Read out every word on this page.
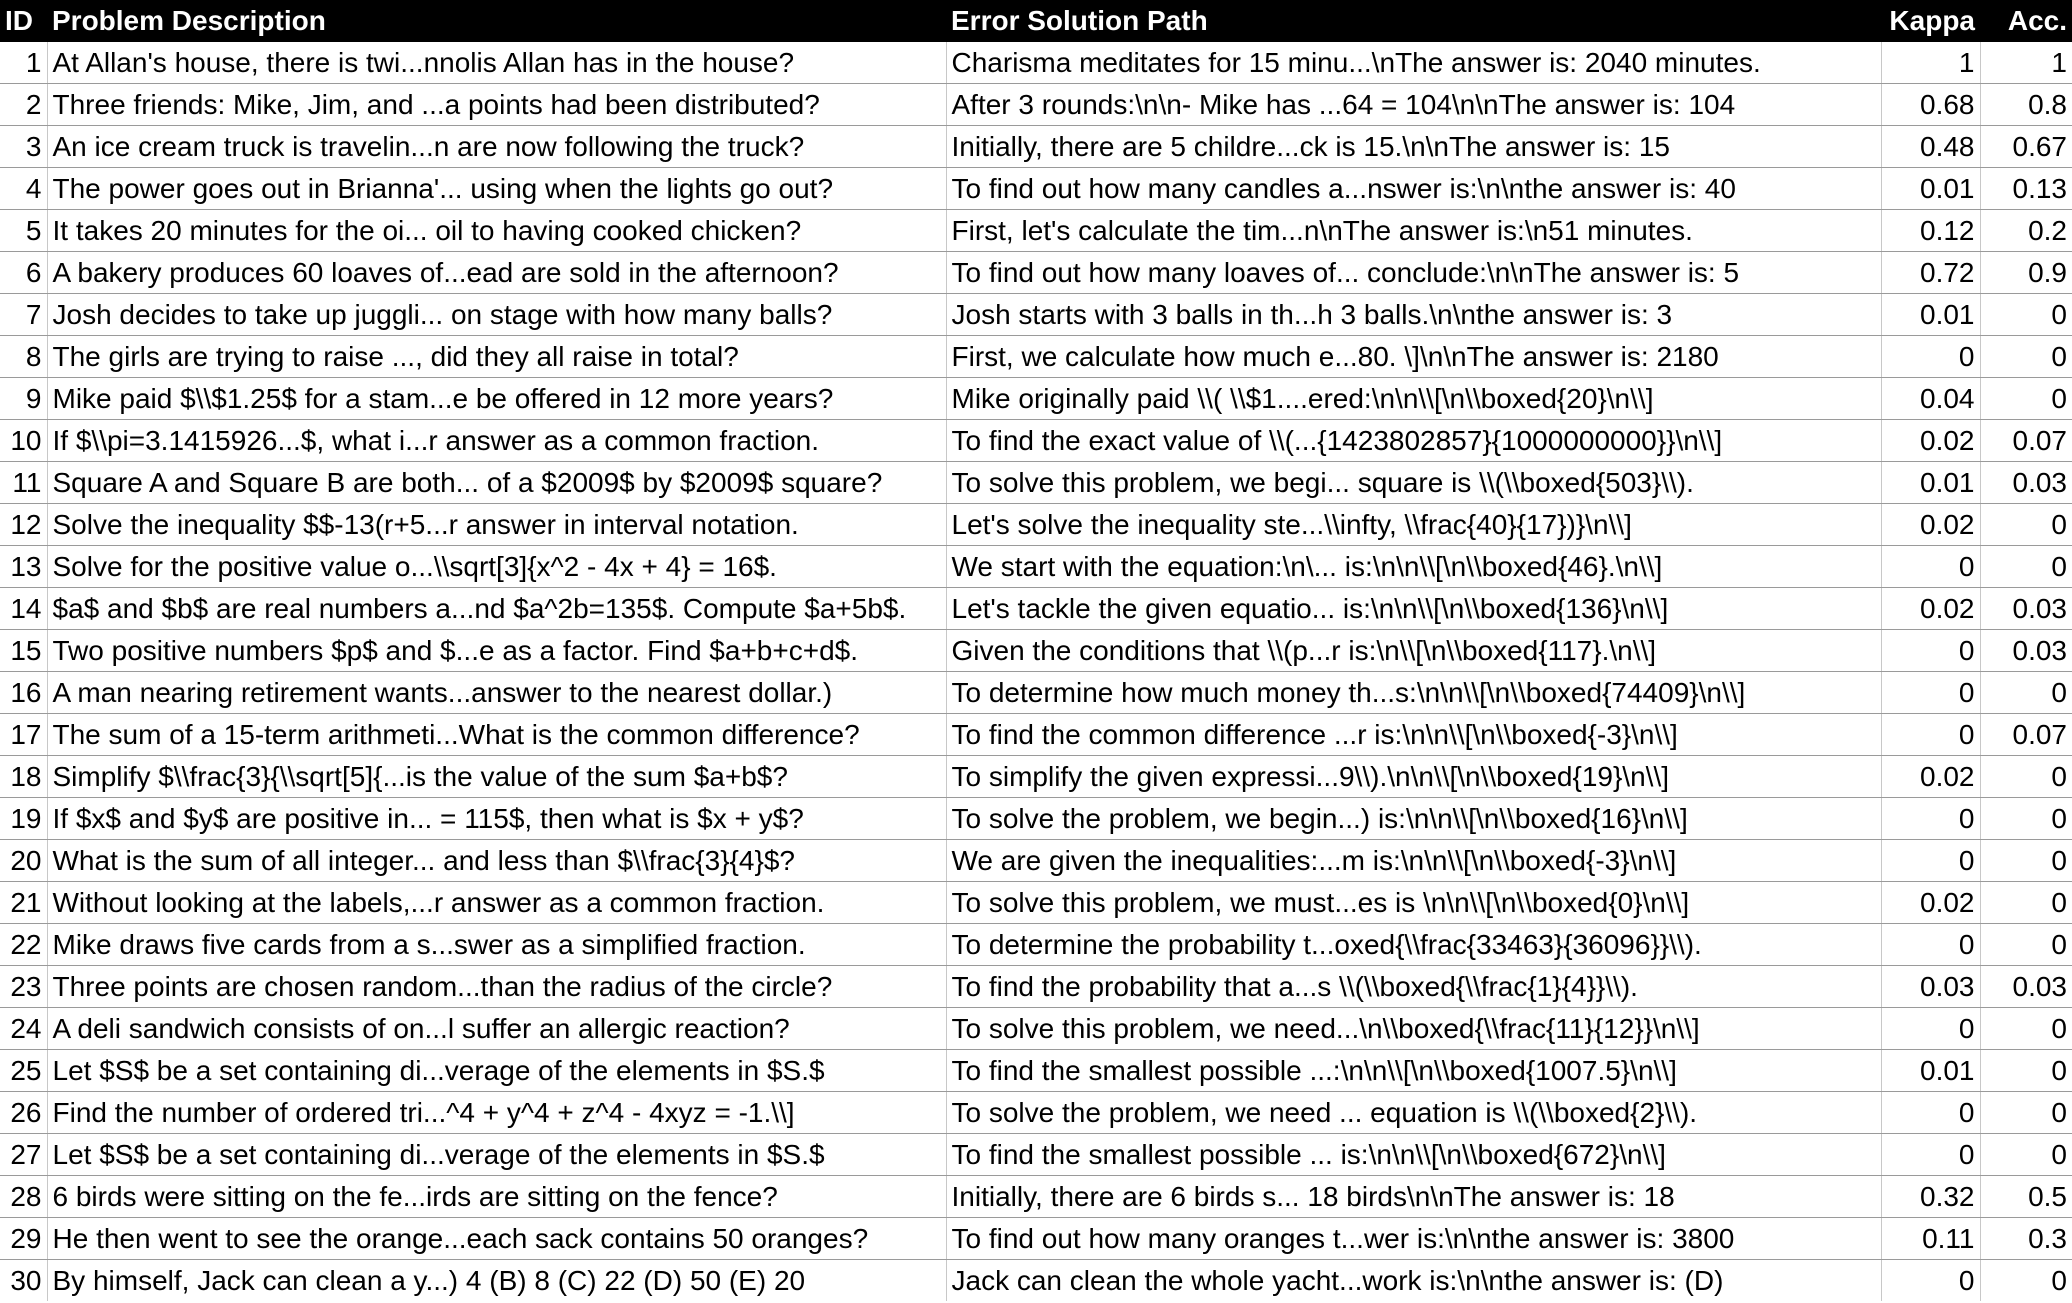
ID	Problem Description	Error Solution Path	Kappa	Acc.
1	At Allan's house, there is twi...nnolis Allan has in the house?	Charisma meditates for 15 minu...\nThe answer is: 2040 minutes.	1	1
2	Three friends: Mike, Jim, and ...a points had been distributed?	After 3 rounds:\n\n- Mike has ...64 = 104\n\nThe answer is: 104	0.68	0.8
3	An ice cream truck is travelin...n are now following the truck?	Initially, there are 5 childre...ck is 15.\n\nThe answer is: 15	0.48	0.67
4	The power goes out in Brianna'... using when the lights go out?	To find out how many candles a...nswer is:\n\nthe answer is: 40	0.01	0.13
5	It takes 20 minutes for the oi... oil to having cooked chicken?	First, let's calculate the tim...n\nThe answer is:\n51 minutes.	0.12	0.2
6	A bakery produces 60 loaves of...ead are sold in the afternoon?	To find out how many loaves of... conclude:\n\nThe answer is: 5	0.72	0.9
7	Josh decides to take up juggli... on stage with how many balls?	Josh starts with 3 balls in th...h 3 balls.\n\nthe answer is: 3	0.01	0
8	The girls are trying to raise ..., did they all raise in total?	First, we calculate how much e...80. \]\n\nThe answer is: 2180	0	0
9	Mike paid $\\$1.25$ for a stam...e be offered in 12 more years?	Mike originally paid \\( \\$1....ered:\n\n\\[\n\\boxed{20}\n\\]	0.04	0
10	If $\\pi=3.1415926...$, what i...r answer as a common fraction.	To find the exact value of \\(...{1423802857}{1000000000}}\n\\]	0.02	0.07
11	Square A and Square B are both... of a $2009$ by $2009$ square?	To solve this problem, we begi... square is \\(\\boxed{503}\\).	0.01	0.03
12	Solve the inequality $$-13(r+5...r answer in interval notation.	Let's solve the inequality ste...\\infty, \\frac{40}{17})}\n\\]	0.02	0
13	Solve for the positive value o...\\sqrt[3]{x^2 - 4x + 4} = 16$.	We start with the equation:\n\... is:\n\n\\[\n\\boxed{46}.\n\\]	0	0
14	$a$ and $b$ are real numbers a...nd $a^2b=135$. Compute $a+5b$.	Let's tackle the given equatio... is:\n\n\\[\n\\boxed{136}\n\\]	0.02	0.03
15	Two positive numbers $p$ and $...e as a factor. Find $a+b+c+d$.	Given the conditions that \\(p...r is:\n\\[\n\\boxed{117}.\n\\]	0	0.03
16	A man nearing retirement wants...answer to the nearest dollar.)	To determine how much money th...s:\n\n\\[\n\\boxed{74409}\n\\]	0	0
17	The sum of a 15-term arithmeti...What is the common difference?	To find the common difference ...r is:\n\n\\[\n\\boxed{-3}\n\\]	0	0.07
18	Simplify $\\frac{3}{\\sqrt[5]{...is the value of the sum $a+b$?	To simplify the given expressi...9\\).\n\n\\[\n\\boxed{19}\n\\]	0.02	0
19	If $x$ and $y$ are positive in... = 115$, then what is $x + y$?	To solve the problem, we begin...) is:\n\n\\[\n\\boxed{16}\n\\]	0	0
20	What is the sum of all integer... and less than $\\frac{3}{4}$?	We are given the inequalities:...m is:\n\n\\[\n\\boxed{-3}\n\\]	0	0
21	Without looking at the labels,...r answer as a common fraction.	To solve this problem, we must...es is \n\n\\[\n\\boxed{0}\n\\]	0.02	0
22	Mike draws five cards from a s...swer as a simplified fraction.	To determine the probability t...oxed{\\frac{33463}{36096}}\\).	0	0
23	Three points are chosen random...than the radius of the circle?	To find the probability that a...s \\(\\boxed{\\frac{1}{4}}\\).	0.03	0.03
24	A deli sandwich consists of on...l suffer an allergic reaction?	To solve this problem, we need...\n\\boxed{\\frac{11}{12}}\n\\]	0	0
25	Let $S$ be a set containing di...verage of the elements in $S.$	To find the smallest possible ...:\n\n\\[\n\\boxed{1007.5}\n\\]	0.01	0
26	Find the number of ordered tri...^4 + y^4 + z^4 - 4xyz = -1.\\]	To solve the problem, we need ... equation is \\(\\boxed{2}\\).	0	0
27	Let $S$ be a set containing di...verage of the elements in $S.$	To find the smallest possible ... is:\n\n\\[\n\\boxed{672}\n\\]	0	0
28	6 birds were sitting on the fe...irds are sitting on the fence?	Initially, there are 6 birds s... 18 birds\n\nThe answer is: 18	0.32	0.5
29	He then went to see the orange...each sack contains 50 oranges?	To find out how many oranges t...wer is:\n\nthe answer is: 3800	0.11	0.3
30	By himself, Jack can clean a y...) 4 (B) 8 (C) 22 (D) 50 (E) 20	Jack can clean the whole yacht...work is:\n\nthe answer is: (D)	0	0
